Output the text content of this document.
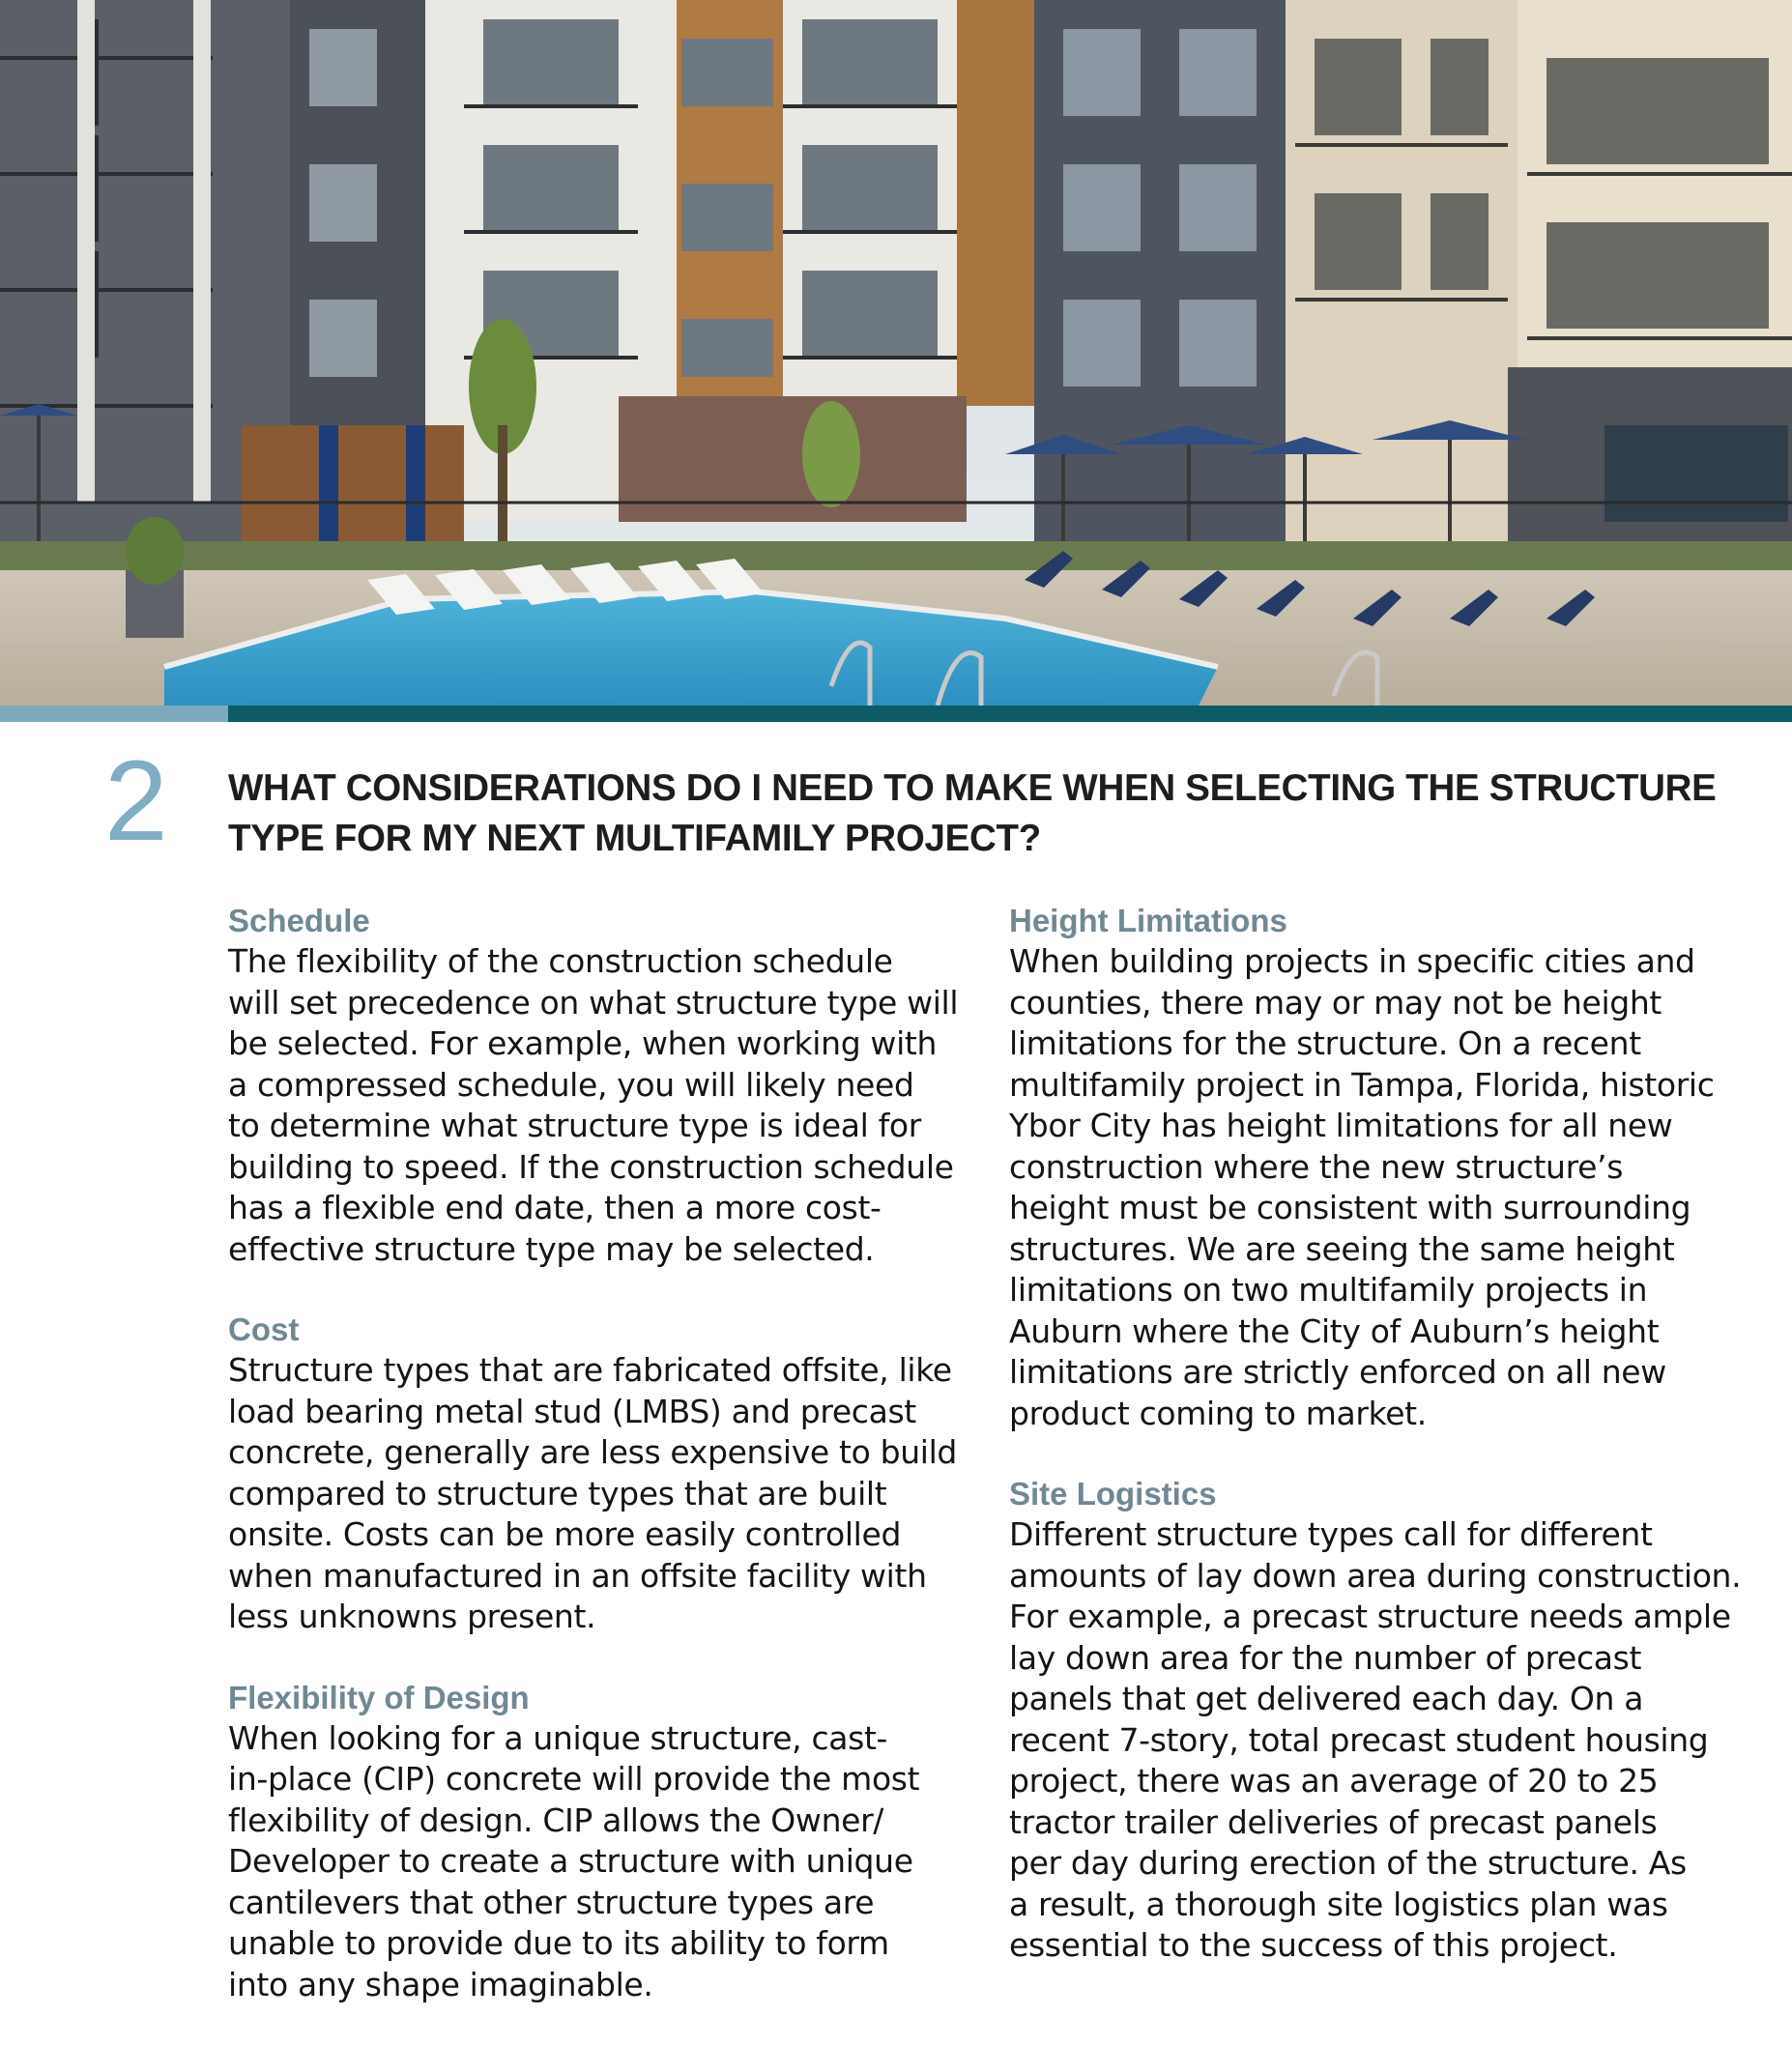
2 WHAT CONSIDERATIONS DO I NEED TO MAKE WHEN SELECTING THE STRUCTURE
TYPE FOR MY NEXT MULTIFAMILY PROJECT?
Schedule

The flexibility of the construction schedule
will set precedence on what structure type will
be selected. For example, when working with
a compressed schedule, you will likely need
to determine what structure type is ideal for
building to speed. If the construction schedule
has a flexible end date, then a more cost-
effective structure type may be selected.

Cost

Structure types that are fabricated offsite, like
load bearing metal stud (LMBS) and precast
concrete, generally are less expensive to build
compared to structure types that are built
onsite. Costs can be more easily controlled
when manufactured in an offsite facility with
less unknowns present.

Flexibility of Design

When looking for a unique structure, cast-
in-place (CIP) concrete will provide the most
flexibility of design. CIP allows the Owner/
Developer to create a structure with unique
cantilevers that other structure types are
unable to provide due to its ability to form
into any shape imaginable.

Height Limitations

When building projects in specific cities and
counties, there may or may not be height
limitations for the structure. On a recent
multifamily project in Tampa, Florida, historic
Ybor City has height limitations for all new
construction where the new structure’s
height must be consistent with surrounding
structures. We are seeing the same height
limitations on two multifamily projects in
Auburn where the City of Auburn’s height
limitations are strictly enforced on all new
product coming to market.

Site Logistics

Different structure types call for different
amounts of lay down area during construction.
For example, a precast structure needs ample
lay down area for the number of precast
panels that get delivered each day. On a
recent 7-story, total precast student housing
project, there was an average of 20 to 25
tractor trailer deliveries of precast panels
per day during erection of the structure. As
a result, a thorough site logistics plan was
essential to the success of this project.
